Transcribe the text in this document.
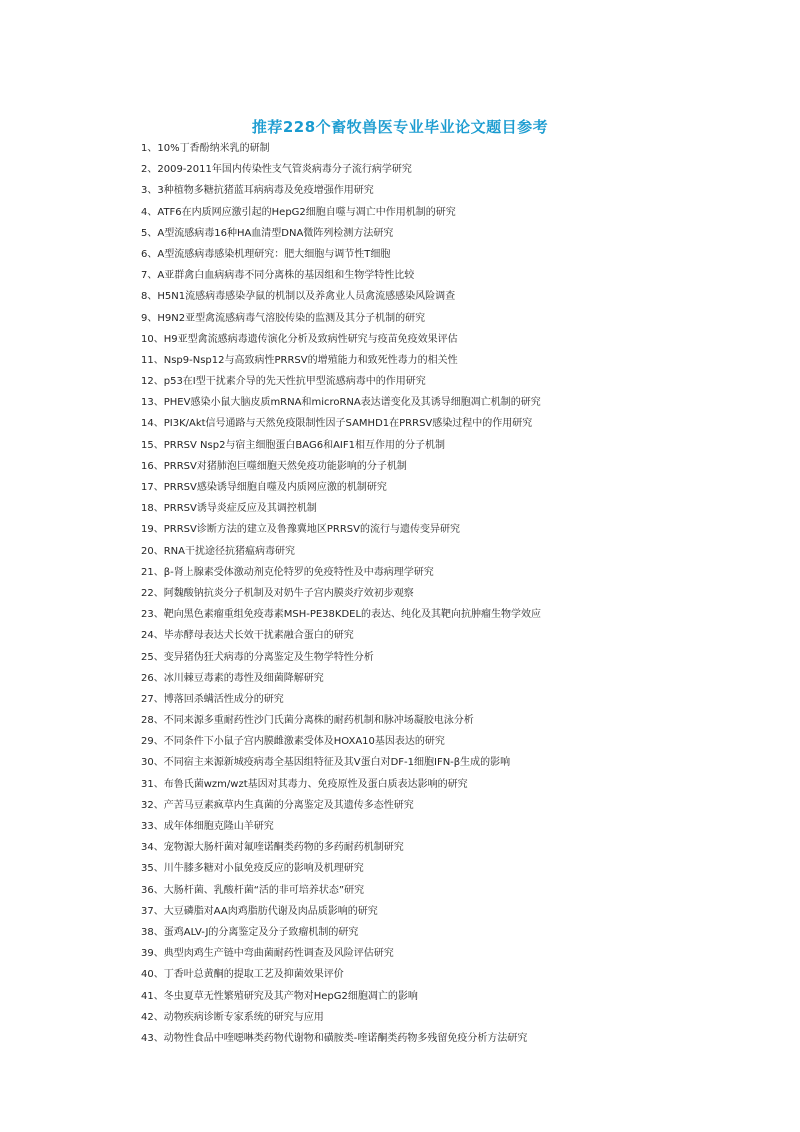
推荐228个畜牧兽医专业毕业论文题目参考
1、10%丁香酚纳米乳的研制
2、2009-2011年国内传染性支气管炎病毒分子流行病学研究
3、3种植物多糖抗猪蓝耳病病毒及免疫增强作用研究
4、ATF6在内质网应激引起的HepG2细胞自噬与凋亡中作用机制的研究
5、A型流感病毒16种HA血清型DNA微阵列检测方法研究
6、A型流感病毒感染机理研究：肥大细胞与调节性T细胞
7、A亚群禽白血病病毒不同分离株的基因组和生物学特性比较
8、H5N1流感病毒感染孕鼠的机制以及养禽业人员禽流感感染风险调查
9、H9N2亚型禽流感病毒气溶胶传染的监测及其分子机制的研究
10、H9亚型禽流感病毒遗传演化分析及致病性研究与疫苗免疫效果评估
11、Nsp9-Nsp12与高致病性PRRSV的增殖能力和致死性毒力的相关性
12、p53在I型干扰素介导的先天性抗甲型流感病毒中的作用研究
13、PHEV感染小鼠大脑皮质mRNA和microRNA表达谱变化及其诱导细胞凋亡机制的研究
14、PI3K/Akt信号通路与天然免疫限制性因子SAMHD1在PRRSV感染过程中的作用研究
15、PRRSV Nsp2与宿主细胞蛋白BAG6和AIF1相互作用的分子机制
16、PRRSV对猪肺泡巨噬细胞天然免疫功能影响的分子机制
17、PRRSV感染诱导细胞自噬及内质网应激的机制研究
18、PRRSV诱导炎症反应及其调控机制
19、PRRSV诊断方法的建立及鲁豫冀地区PRRSV的流行与遗传变异研究
20、RNA干扰途径抗猪瘟病毒研究
21、β-肾上腺素受体激动剂克伦特罗的免疫特性及中毒病理学研究
22、阿魏酸钠抗炎分子机制及对奶牛子宫内膜炎疗效初步观察
23、靶向黑色素瘤重组免疫毒素MSH-PE38KDEL的表达、纯化及其靶向抗肿瘤生物学效应
24、毕赤酵母表达犬长效干扰素融合蛋白的研究
25、变异猪伪狂犬病毒的分离鉴定及生物学特性分析
26、冰川棘豆毒素的毒性及细菌降解研究
27、博落回杀螨活性成分的研究
28、不同来源多重耐药性沙门氏菌分离株的耐药机制和脉冲场凝胶电泳分析
29、不同条件下小鼠子宫内膜雌激素受体及HOXA10基因表达的研究
30、不同宿主来源新城疫病毒全基因组特征及其V蛋白对DF-1细胞IFN-β生成的影响
31、布鲁氏菌wzm/wzt基因对其毒力、免疫原性及蛋白质表达影响的研究
32、产苦马豆素疯草内生真菌的分离鉴定及其遗传多态性研究
33、成年体细胞克隆山羊研究
34、宠物源大肠杆菌对氟喹诺酮类药物的多药耐药机制研究
35、川牛膝多糖对小鼠免疫反应的影响及机理研究
36、大肠杆菌、乳酸杆菌“活的非可培养状态”研究
37、大豆磷脂对AA肉鸡脂肪代谢及肉品质影响的研究
38、蛋鸡ALV-J的分离鉴定及分子致瘤机制的研究
39、典型肉鸡生产链中弯曲菌耐药性调查及风险评估研究
40、丁香叶总黄酮的提取工艺及抑菌效果评价
41、冬虫夏草无性繁殖研究及其产物对HepG2细胞凋亡的影响
42、动物疾病诊断专家系统的研究与应用
43、动物性食品中喹噁啉类药物代谢物和磺胺类-喹诺酮类药物多残留免疫分析方法研究
